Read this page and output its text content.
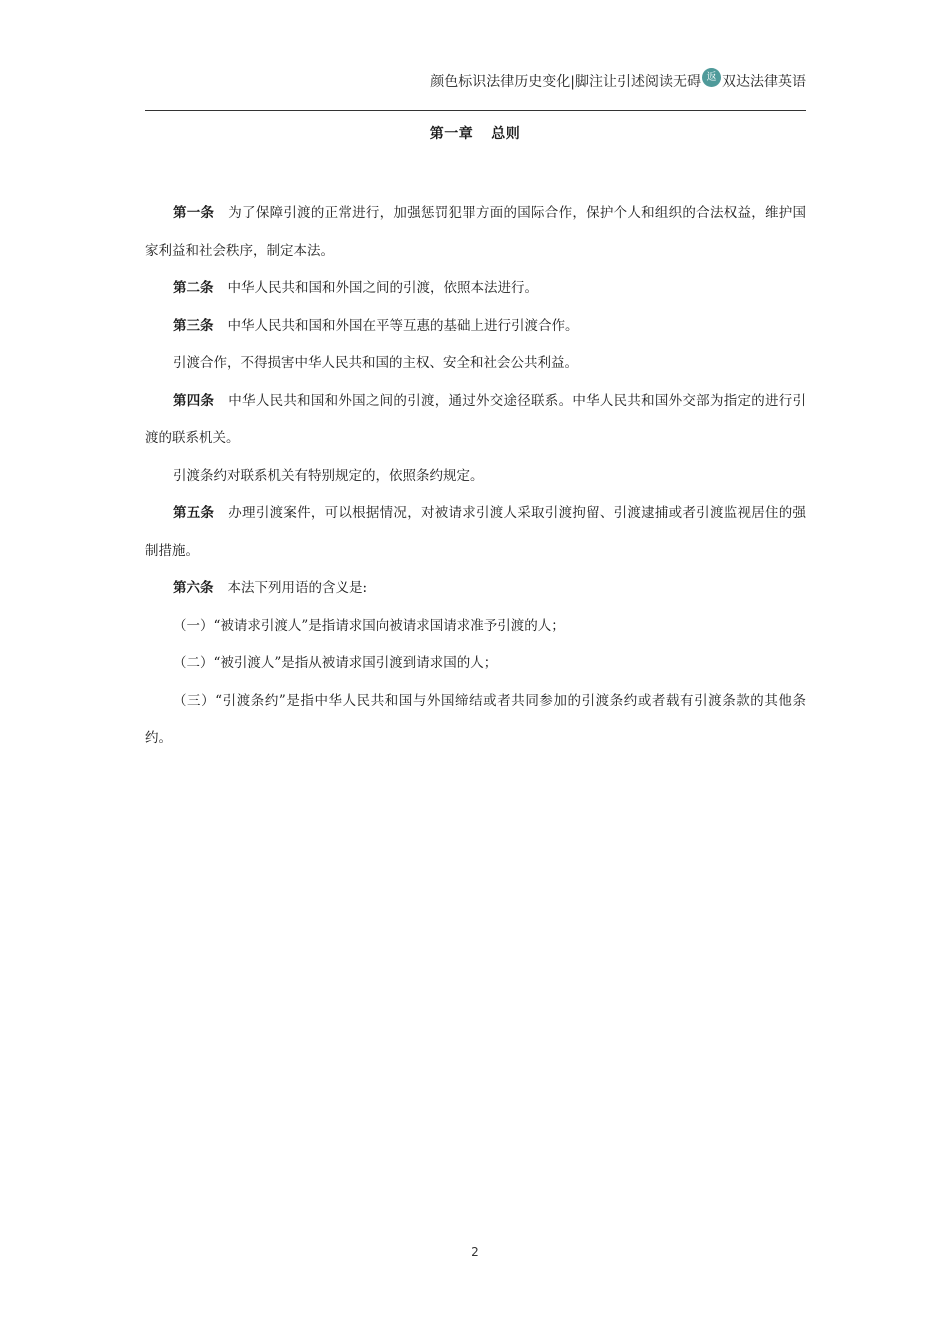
颜色标识法律历史变化|脚注让引述阅读无碍 返 双达法律英语
第一章 总则

第一条 为了保障引渡的正常进行，加强惩罚犯罪方面的国际合作，保护个人和组织的合法权益，维护国家利益和社会秩序，制定本法。

第二条 中华人民共和国和外国之间的引渡，依照本法进行。

第三条 中华人民共和国和外国在平等互惠的基础上进行引渡合作。

引渡合作，不得损害中华人民共和国的主权、安全和社会公共利益。

第四条 中华人民共和国和外国之间的引渡，通过外交途径联系。中华人民共和国外交部为指定的进行引渡的联系机关。

引渡条约对联系机关有特别规定的，依照条约规定。

第五条 办理引渡案件，可以根据情况，对被请求引渡人采取引渡拘留、引渡逮捕或者引渡监视居住的强制措施。

第六条 本法下列用语的含义是:

（一）“被请求引渡人”是指请求国向被请求国请求准予引渡的人；

（二）“被引渡人”是指从被请求国引渡到请求国的人；

（三）“引渡条约”是指中华人民共和国与外国缔结或者共同参加的引渡条约或者载有引渡条款的其他条约。

2
